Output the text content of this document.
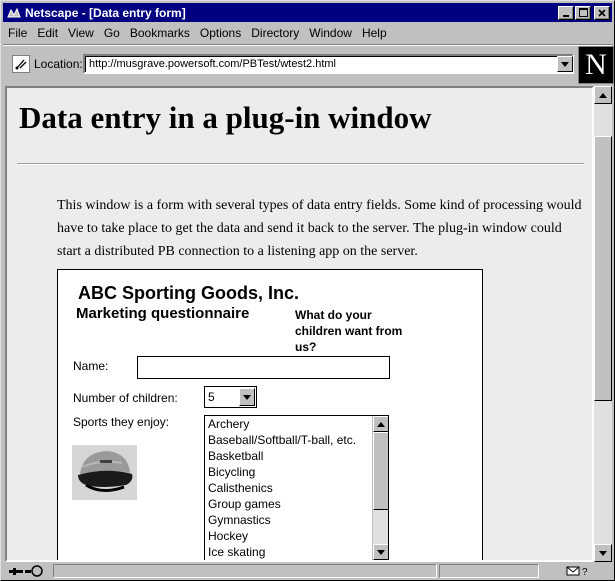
Netscape - [Data entry form]
File Edit View Go Bookmarks Options Directory Window Help
Location: http://musgrave.powersoft.com/PBTest/wtest2.html	N
Data entry in a plug-in window

This window is a form with several types of data entry fields. Some kind of processing would have to take place to get the data and send it back to the server. The plug-in window could start a distributed PB connection to a listening app on the server.

ABC Sporting Goods, Inc.
Marketing questionnaire	What do your children want from us?
Name:
Number of children:	5
Sports they enjoy:	Archery
Baseball/Softball/T-ball, etc.
Basketball
Bicycling
Calisthenics
Group games
Gymnastics
Hockey
Ice skating
?
